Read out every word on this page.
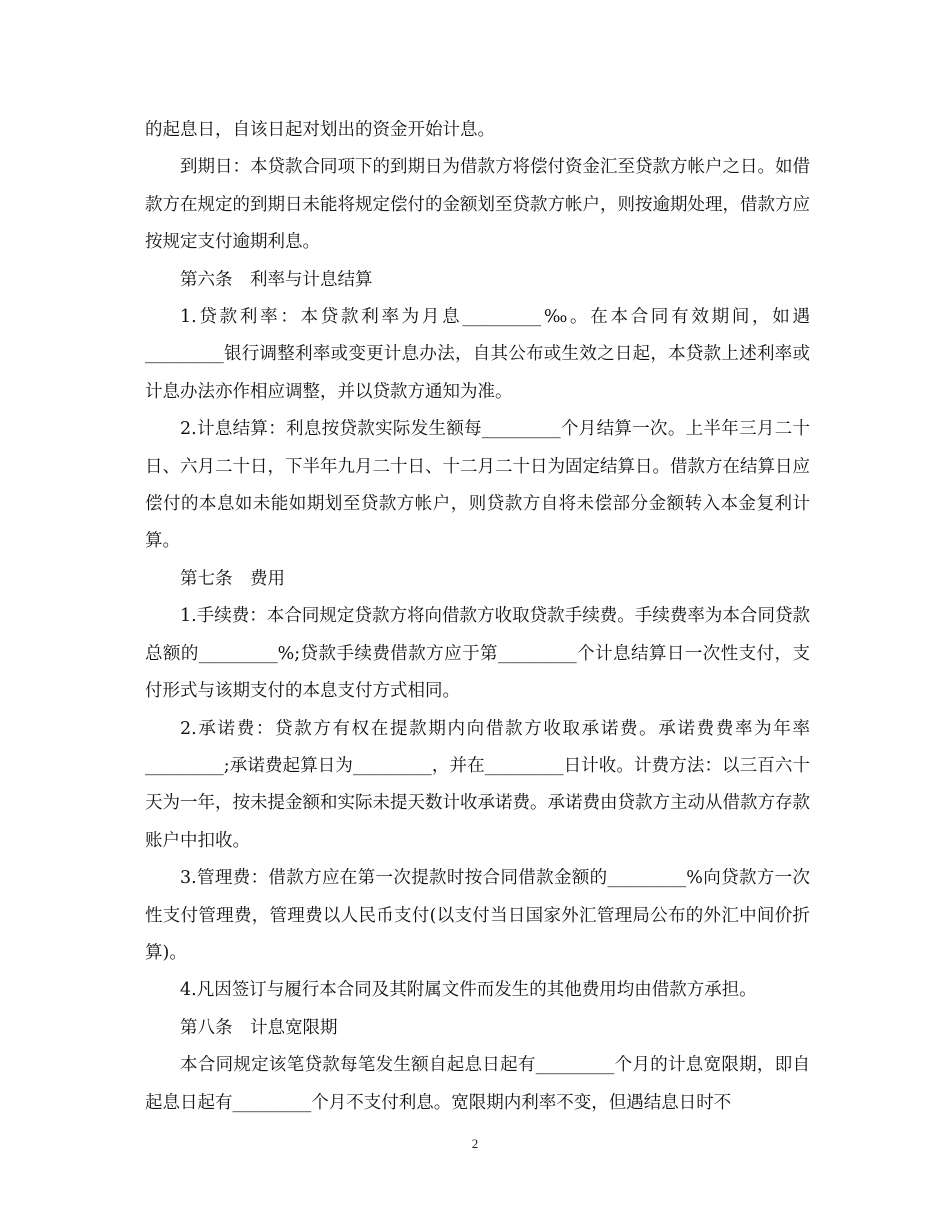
的起息日，自该日起对划出的资金开始计息。

到期日：本贷款合同项下的到期日为借款方将偿付资金汇至贷款方帐户之日。如借款方在规定的到期日未能将规定偿付的金额划至贷款方帐户，则按逾期处理，借款方应按规定支付逾期利息。

第六条　利率与计息结算

1.贷款利率：本贷款利率为月息_________‰。在本合同有效期间，如遇_________银行调整利率或变更计息办法，自其公布或生效之日起，本贷款上述利率或计息办法亦作相应调整，并以贷款方通知为准。

2.计息结算：利息按贷款实际发生额每_________个月结算一次。上半年三月二十日、六月二十日，下半年九月二十日、十二月二十日为固定结算日。借款方在结算日应偿付的本息如未能如期划至贷款方帐户，则贷款方自将未偿部分金额转入本金复利计算。

第七条　费用

1.手续费：本合同规定贷款方将向借款方收取贷款手续费。手续费率为本合同贷款总额的_________%;贷款手续费借款方应于第_________个计息结算日一次性支付，支付形式与该期支付的本息支付方式相同。

2.承诺费：贷款方有权在提款期内向借款方收取承诺费。承诺费费率为年率_________;承诺费起算日为_________，并在_________日计收。计费方法：以三百六十天为一年，按未提金额和实际未提天数计收承诺费。承诺费由贷款方主动从借款方存款账户中扣收。

3.管理费：借款方应在第一次提款时按合同借款金额的_________%向贷款方一次性支付管理费，管理费以人民币支付(以支付当日国家外汇管理局公布的外汇中间价折算)。

4.凡因签订与履行本合同及其附属文件而发生的其他费用均由借款方承担。

第八条　计息宽限期

本合同规定该笔贷款每笔发生额自起息日起有_________个月的计息宽限期，即自起息日起有_________个月不支付利息。宽限期内利率不变，但遇结息日时不

2
